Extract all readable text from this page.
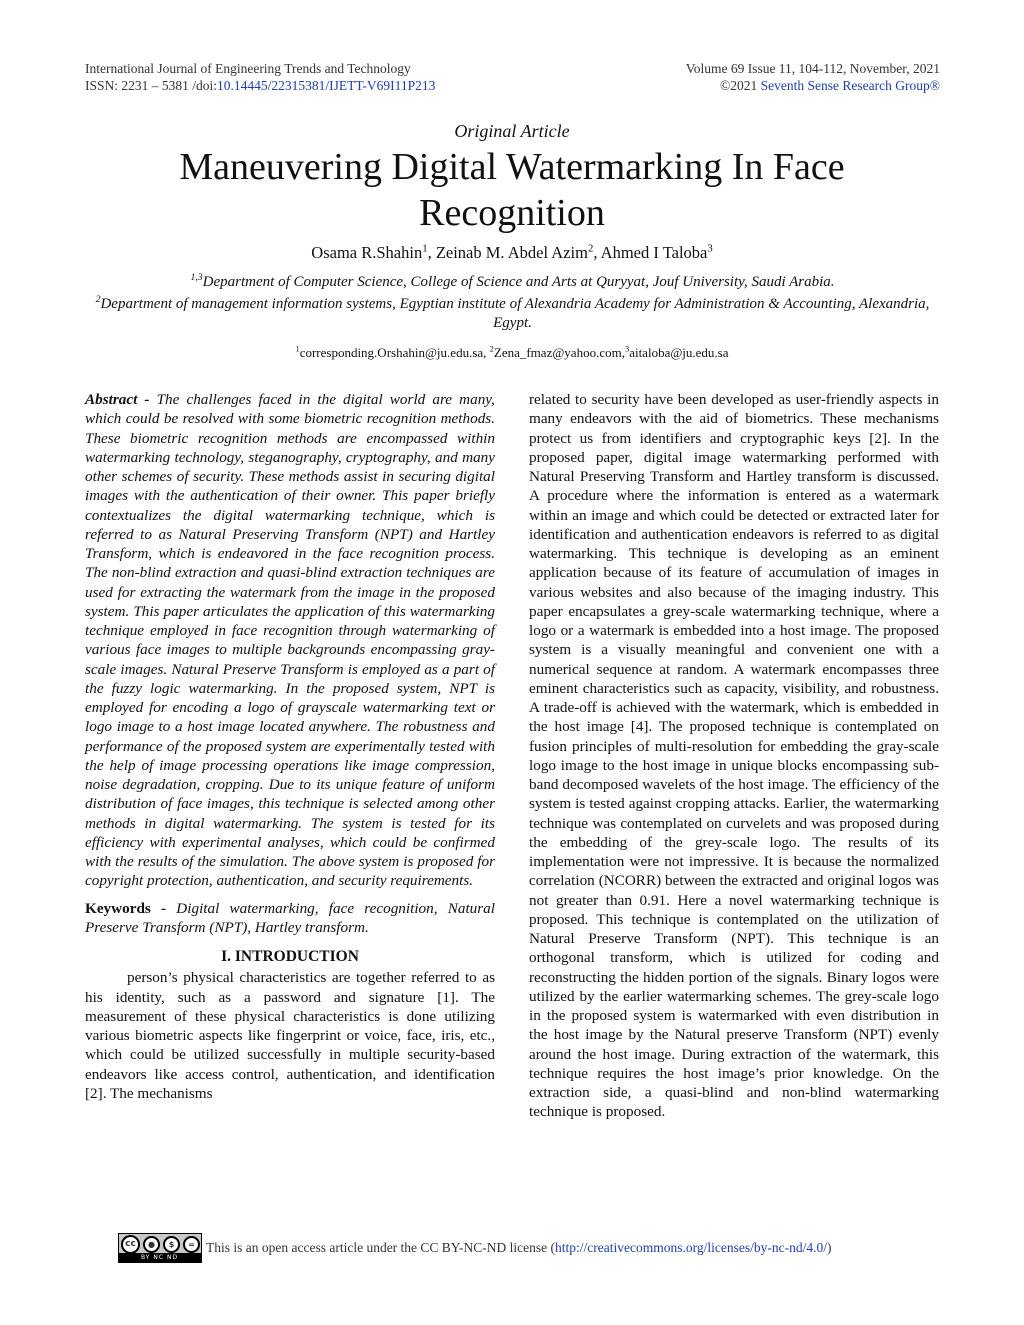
International Journal of Engineering Trends and Technology
ISSN: 2231 – 5381 /doi:10.14445/22315381/IJETT-V69I11P213
Volume 69 Issue 11, 104-112, November, 2021
©2021 Seventh Sense Research Group®
Original Article
Maneuvering Digital Watermarking In Face Recognition
Osama R.Shahin$^1$, Zeinab M. Abdel Azim$^2$, Ahmed I Taloba$^3$
$^{1,3}$Department of Computer Science, College of Science and Arts at Quryyat, Jouf University, Saudi Arabia.
$^2$Department of management information systems, Egyptian institute of Alexandria Academy for Administration & Accounting, Alexandria, Egypt.
$^1$corresponding.Orshahin@ju.edu.sa, $^2$Zena_fmaz@yahoo.com,$^3$aitaloba@ju.edu.sa

Abstract - The challenges faced in the digital world are many, which could be resolved with some biometric recognition methods. These biometric recognition methods are encompassed within watermarking technology, steganography, cryptography, and many other schemes of security. These methods assist in securing digital images with the authentication of their owner. This paper briefly contextualizes the digital watermarking technique, which is referred to as Natural Preserving Transform (NPT) and Hartley Transform, which is endeavored in the face recognition process. The non-blind extraction and quasi-blind extraction techniques are used for extracting the watermark from the image in the proposed system. This paper articulates the application of this watermarking technique employed in face recognition through watermarking of various face images to multiple backgrounds encompassing gray-scale images. Natural Preserve Transform is employed as a part of the fuzzy logic watermarking. In the proposed system, NPT is employed for encoding a logo of grayscale watermarking text or logo image to a host image located anywhere. The robustness and performance of the proposed system are experimentally tested with the help of image processing operations like image compression, noise degradation, cropping. Due to its unique feature of uniform distribution of face images, this technique is selected among other methods in digital watermarking. The system is tested for its efficiency with experimental analyses, which could be confirmed with the results of the simulation. The above system is proposed for copyright protection, authentication, and security requirements.

Keywords - Digital watermarking, face recognition, Natural Preserve Transform (NPT), Hartley transform.

I. INTRODUCTION

person’s physical characteristics are together referred to as his identity, such as a password and signature [1]. The measurement of these physical characteristics is done utilizing various biometric aspects like fingerprint or voice, face, iris, etc., which could be utilized successfully in multiple security-based endeavors like access control, authentication, and identification [2]. The mechanisms

related to security have been developed as user-friendly aspects in many endeavors with the aid of biometrics. These mechanisms protect us from identifiers and cryptographic keys [2]. In the proposed paper, digital image watermarking performed with Natural Preserving Transform and Hartley transform is discussed. A procedure where the information is entered as a watermark within an image and which could be detected or extracted later for identification and authentication endeavors is referred to as digital watermarking. This technique is developing as an eminent application because of its feature of accumulation of images in various websites and also because of the imaging industry. This paper encapsulates a grey-scale watermarking technique, where a logo or a watermark is embedded into a host image. The proposed system is a visually meaningful and convenient one with a numerical sequence at random. A watermark encompasses three eminent characteristics such as capacity, visibility, and robustness. A trade-off is achieved with the watermark, which is embedded in the host image [4]. The proposed technique is contemplated on fusion principles of multi-resolution for embedding the gray-scale logo image to the host image in unique blocks encompassing sub-band decomposed wavelets of the host image. The efficiency of the system is tested against cropping attacks. Earlier, the watermarking technique was contemplated on curvelets and was proposed during the embedding of the grey-scale logo. The results of its implementation were not impressive. It is because the normalized correlation (NCORR) between the extracted and original logos was not greater than 0.91. Here a novel watermarking technique is proposed. This technique is contemplated on the utilization of Natural Preserve Transform (NPT). This technique is an orthogonal transform, which is utilized for coding and reconstructing the hidden portion of the signals. Binary logos were utilized by the earlier watermarking schemes. The grey-scale logo in the proposed system is watermarked with even distribution in the host image by the Natural preserve Transform (NPT) evenly around the host image. During extraction of the watermark, this technique requires the host image’s prior knowledge. On the extraction side, a quasi-blind and non-blind watermarking technique is proposed.

cc	●	$	=
BY NC ND
This is an open access article under the CC BY-NC-ND license ( http://creativecommons.org/licenses/by-nc-nd/4.0/ )
